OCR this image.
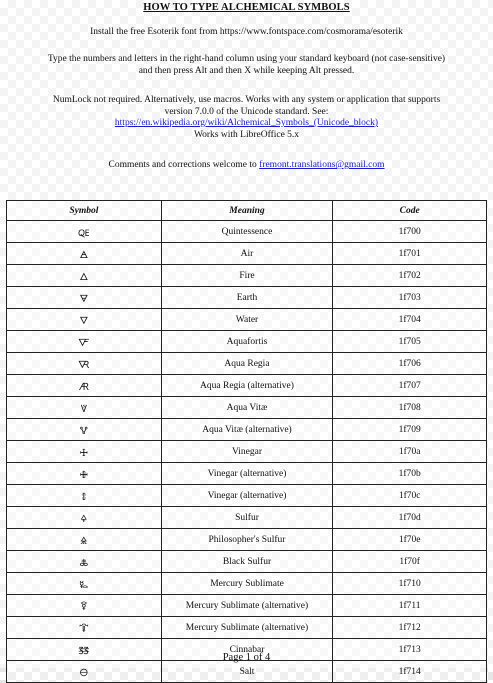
HOW TO TYPE ALCHEMICAL SYMBOLS
Install the free Esoterik font from https://www.fontspace.com/cosmorama/esoterik
Type the numbers and letters in the right-hand column using your standard keyboard (not case-sensitive)
and then press Alt and then X while keeping Alt pressed.
NumLock not required. Alternatively, use macros. Works with any system or application that supports
version 7.0.0 of the Unicode standard. See:
https://en.wikipedia.org/wiki/Alchemical_Symbols_(Unicode_block)
Works with LibreOffice 5.x
Comments and corrections welcome to fremont.translations@gmail.com
Symbol	Meaning	Code
🜀	Quintessence	1f700
🜁	Air	1f701
🜂	Fire	1f702
🜃	Earth	1f703
🜄	Water	1f704
🜅	Aquafortis	1f705
🜆	Aqua Regia	1f706
🜇	Aqua Regia (alternative)	1f707
🜈	Aqua Vitæ	1f708
🜉	Aqua Vitæ (alternative)	1f709
🜊	Vinegar	1f70a
🜋	Vinegar (alternative)	1f70b
🜌	Vinegar (alternative)	1f70c
🜍	Sulfur	1f70d
🜎	Philosopher's Sulfur	1f70e
🜏	Black Sulfur	1f70f
🜐	Mercury Sublimate	1f710
🜑	Mercury Sublimate (alternative)	1f711
🜒	Mercury Sublimate (alternative)	1f712
🜓	Cinnabar	1f713
🜔	Salt	1f714
Page 1 of 4
